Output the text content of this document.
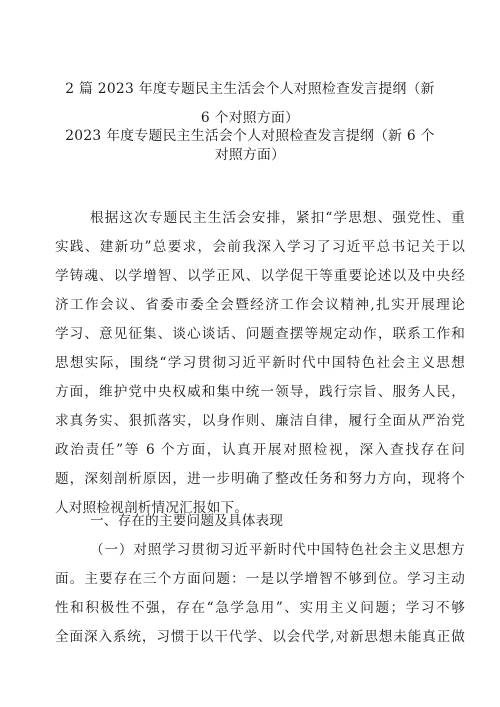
2 篇 2023 年度专题民主生活会个人对照检查发言提纲（新
6 个对照方面）
2023 年度专题民主生活会个人对照检查发言提纲（新 6 个
对照方面）
根据这次专题民主生活会安排，紧扣“学思想、强党性、重
实践、建新功”总要求，会前我深入学习了习近平总书记关于以
学铸魂、以学增智、以学正风、以学促干等重要论述以及中央经
济工作会议、省委市委全会暨经济工作会议精神,扎实开展理论
学习、意见征集、谈心谈话、问题查摆等规定动作，联系工作和
思想实际，围绕“学习贯彻习近平新时代中国特色社会主义思想
方面，维护党中央权威和集中统一领导，践行宗旨、服务人民，
求真务实、狠抓落实，以身作则、廉洁自律，履行全面从严治党
政治责任”等 6 个方面，认真开展对照检视，深入查找存在问
题，深刻剖析原因，进一步明确了整改任务和努力方向，现将个
人对照检视剖析情况汇报如下。
一、存在的主要问题及具体表现
（一）对照学习贯彻习近平新时代中国特色社会主义思想方
面。主要存在三个方面问题：一是以学增智不够到位。学习主动
性和积极性不强，存在“急学急用”、实用主义问题；学习不够
全面深入系统，习惯于以干代学、以会代学,对新思想未能真正做
